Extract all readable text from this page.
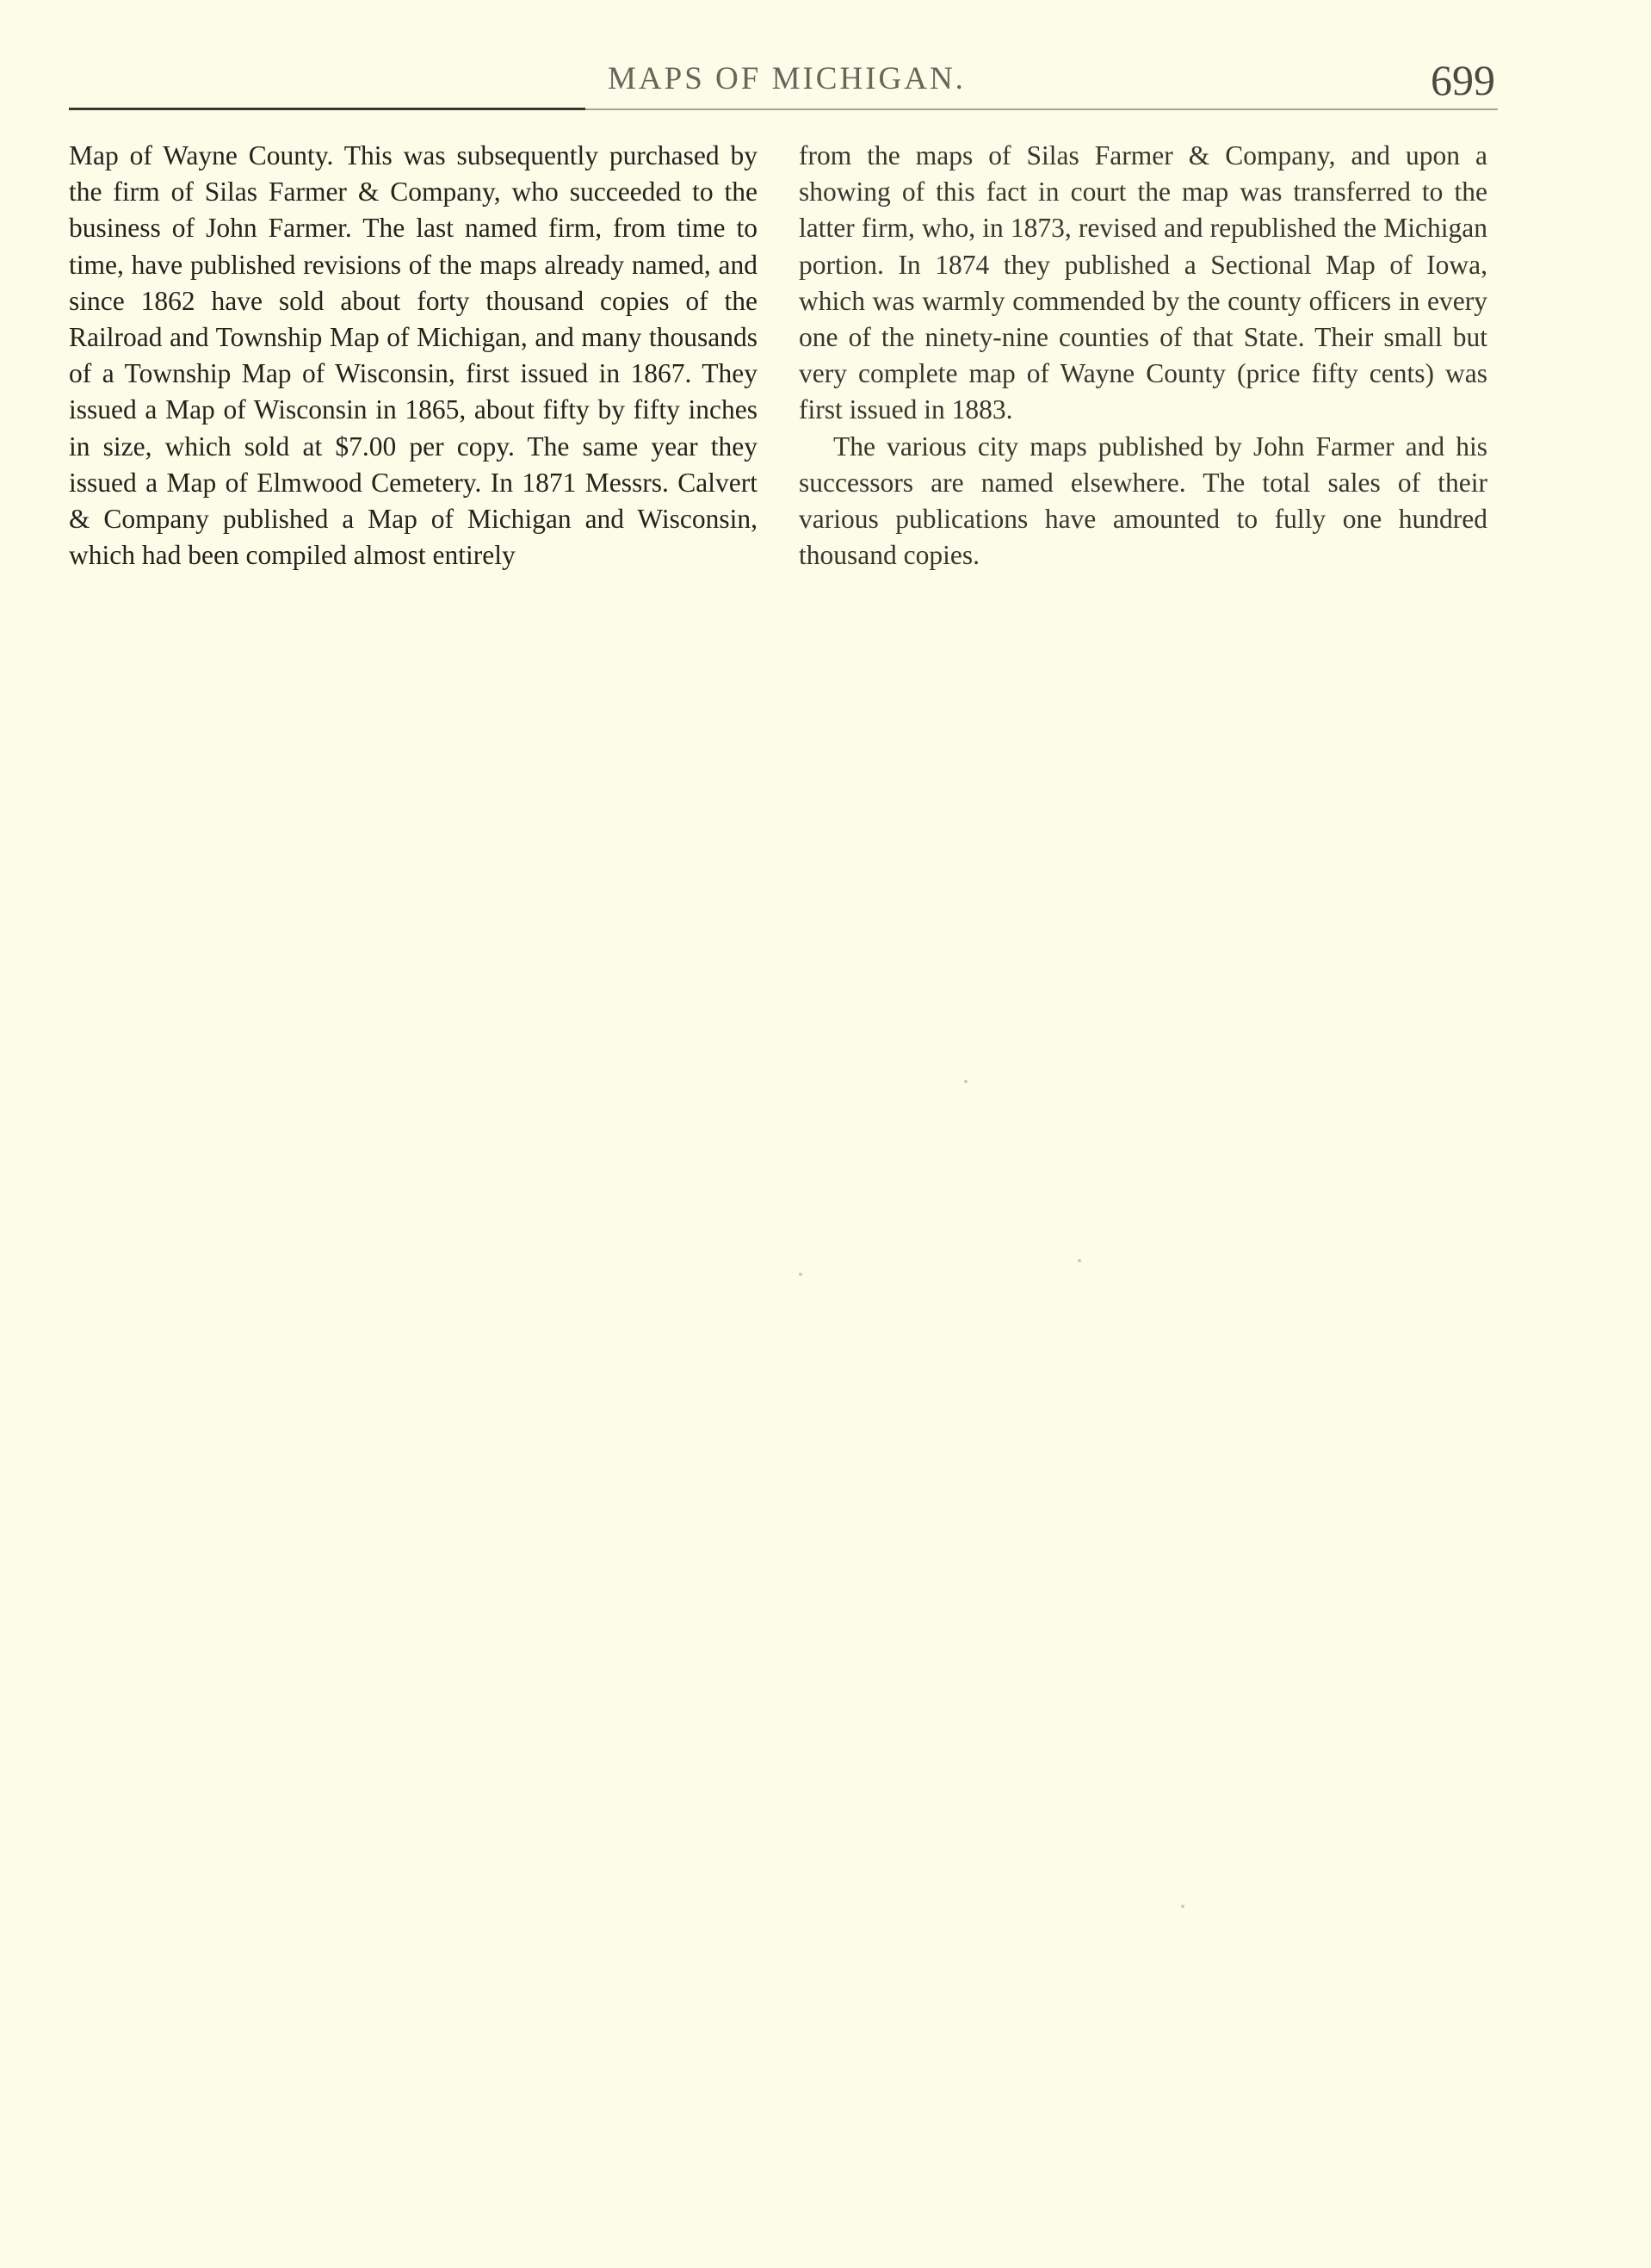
MAPS OF MICHIGAN.	699

Map of Wayne County. This was subsequently purchased by the firm of Silas Farmer & Company, who succeeded to the business of John Farmer. The last named firm, from time to time, have published revisions of the maps already named, and since 1862 have sold about forty thousand copies of the Railroad and Township Map of Michigan, and many thousands of a Township Map of Wisconsin, first issued in 1867. They issued a Map of Wisconsin in 1865, about fifty by fifty inches in size, which sold at $7.00 per copy. The same year they issued a Map of Elmwood Cemetery. In 1871 Messrs. Calvert & Company published a Map of Michigan and Wisconsin, which had been compiled almost entirely

from the maps of Silas Farmer & Company, and upon a showing of this fact in court the map was transferred to the latter firm, who, in 1873, revised and republished the Michigan portion. In 1874 they published a Sectional Map of Iowa, which was warmly commended by the county officers in every one of the ninety-nine counties of that State. Their small but very complete map of Wayne County (price fifty cents) was first issued in 1883.

The various city maps published by John Farmer and his successors are named elsewhere. The total sales of their various publications have amounted to fully one hundred thousand copies.
